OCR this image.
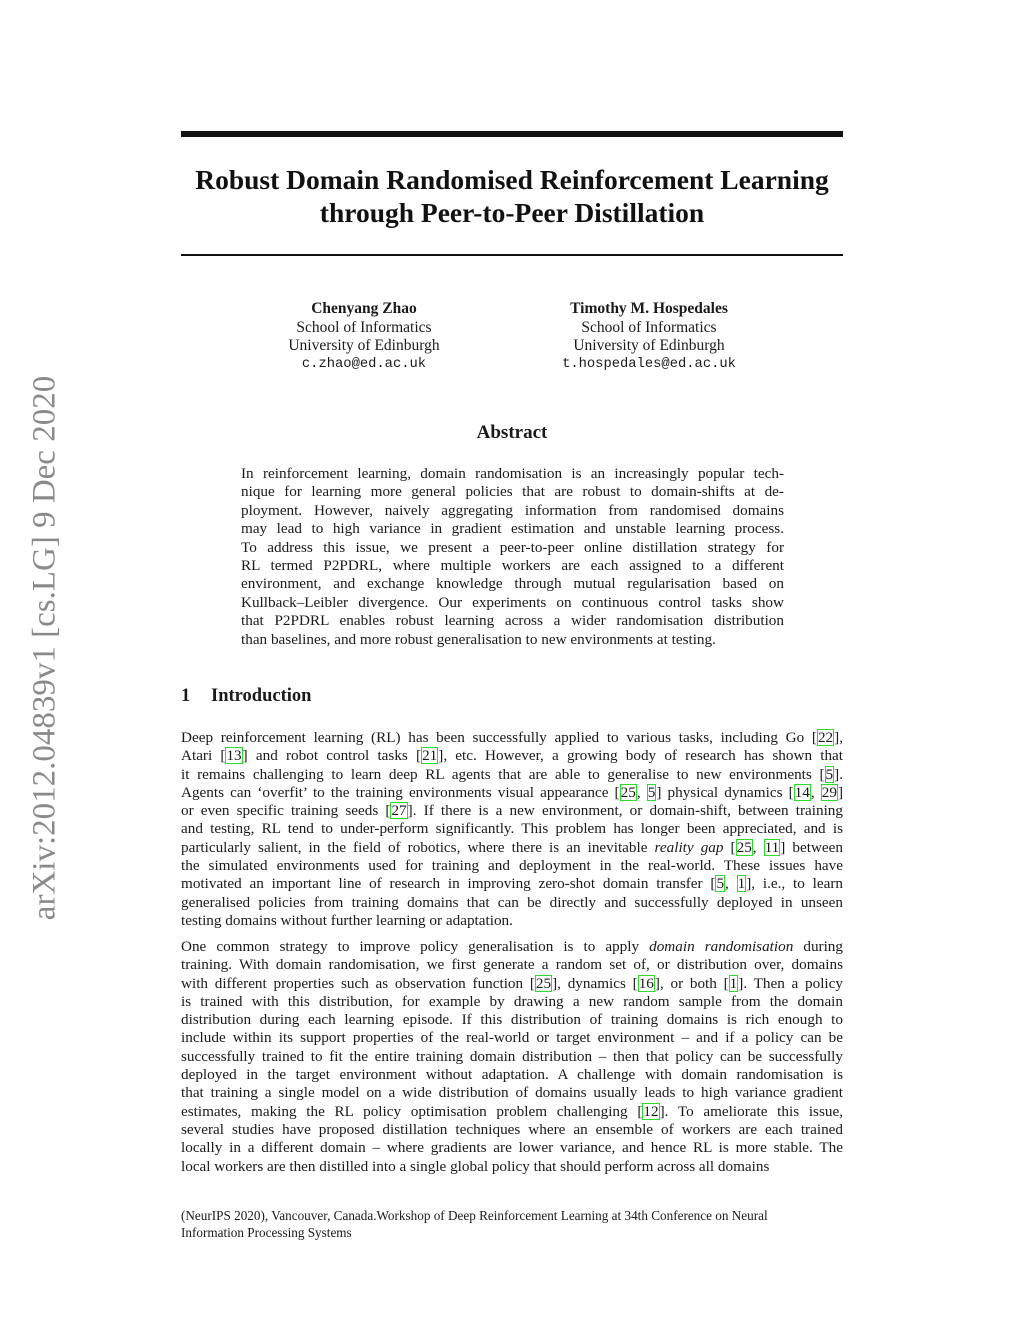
arXiv:2012.04839v1 [cs.LG] 9 Dec 2020
Robust Domain Randomised Reinforcement Learning
through Peer-to-Peer Distillation
Chenyang Zhao
School of Informatics
University of Edinburgh
c.zhao@ed.ac.uk
Timothy M. Hospedales
School of Informatics
University of Edinburgh
t.hospedales@ed.ac.uk
Abstract
In reinforcement learning, domain randomisation is an increasingly popular tech-
nique for learning more general policies that are robust to domain-shifts at de-
ployment. However, naively aggregating information from randomised domains
may lead to high variance in gradient estimation and unstable learning process.
To address this issue, we present a peer-to-peer online distillation strategy for
RL termed P2PDRL, where multiple workers are each assigned to a different
environment, and exchange knowledge through mutual regularisation based on
Kullback–Leibler divergence. Our experiments on continuous control tasks show
that P2PDRL enables robust learning across a wider randomisation distribution
than baselines, and more robust generalisation to new environments at testing.
1 Introduction
Deep reinforcement learning (RL) has been successfully applied to various tasks, including Go [22],
Atari [13] and robot control tasks [21], etc. However, a growing body of research has shown that
it remains challenging to learn deep RL agents that are able to generalise to new environments [5].
Agents can ‘overfit’ to the training environments visual appearance [25, 5] physical dynamics [14, 29]
or even specific training seeds [27]. If there is a new environment, or domain-shift, between training
and testing, RL tend to under-perform significantly. This problem has longer been appreciated, and is
particularly salient, in the field of robotics, where there is an inevitable reality gap [25, 11] between
the simulated environments used for training and deployment in the real-world. These issues have
motivated an important line of research in improving zero-shot domain transfer [5, 1], i.e., to learn
generalised policies from training domains that can be directly and successfully deployed in unseen
testing domains without further learning or adaptation.
One common strategy to improve policy generalisation is to apply domain randomisation during
training. With domain randomisation, we first generate a random set of, or distribution over, domains
with different properties such as observation function [25], dynamics [16], or both [1]. Then a policy
is trained with this distribution, for example by drawing a new random sample from the domain
distribution during each learning episode. If this distribution of training domains is rich enough to
include within its support properties of the real-world or target environment – and if a policy can be
successfully trained to fit the entire training domain distribution – then that policy can be successfully
deployed in the target environment without adaptation. A challenge with domain randomisation is
that training a single model on a wide distribution of domains usually leads to high variance gradient
estimates, making the RL policy optimisation problem challenging [12]. To ameliorate this issue,
several studies have proposed distillation techniques where an ensemble of workers are each trained
locally in a different domain – where gradients are lower variance, and hence RL is more stable. The
local workers are then distilled into a single global policy that should perform across all domains
(NeurIPS 2020), Vancouver, Canada.Workshop of Deep Reinforcement Learning at 34th Conference on Neural
Information Processing Systems
